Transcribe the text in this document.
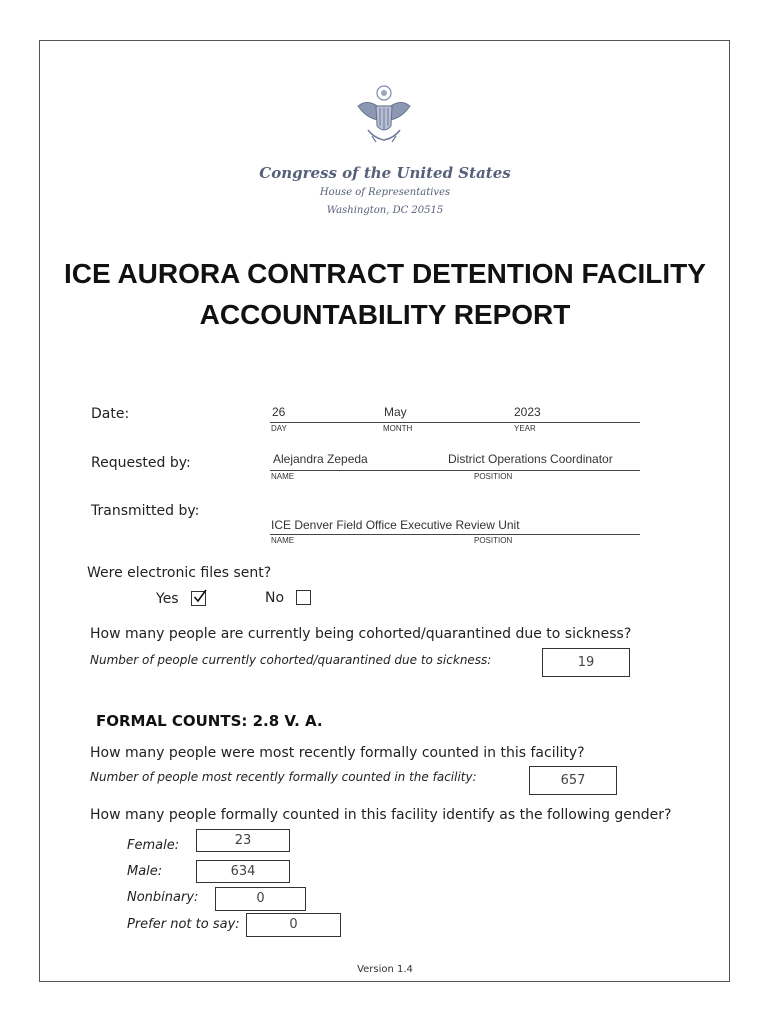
Congress of the United States
House of Representatives
Washington, DC 20515
ICE AURORA CONTRACT DETENTION FACILITY
ACCOUNTABILITY REPORT
Date:	26	May	2023
DAY	MONTH	YEAR
Requested by:	Alejandra Zepeda	District Operations Coordinator
NAME	POSITION
Transmitted by:
ICE Denver Field Office Executive Review Unit
NAME	POSITION
Were electronic files sent?
Yes	No
How many people are currently being cohorted/quarantined due to sickness?
Number of people currently cohorted/quarantined due to sickness:	19
FORMAL COUNTS: 2.8 V. A.
How many people were most recently formally counted in this facility?
Number of people most recently formally counted in the facility:	657
How many people formally counted in this facility identify as the following gender?
Female:	23
Male:	634
Nonbinary:	0
Prefer not to say:	0
Version 1.4
